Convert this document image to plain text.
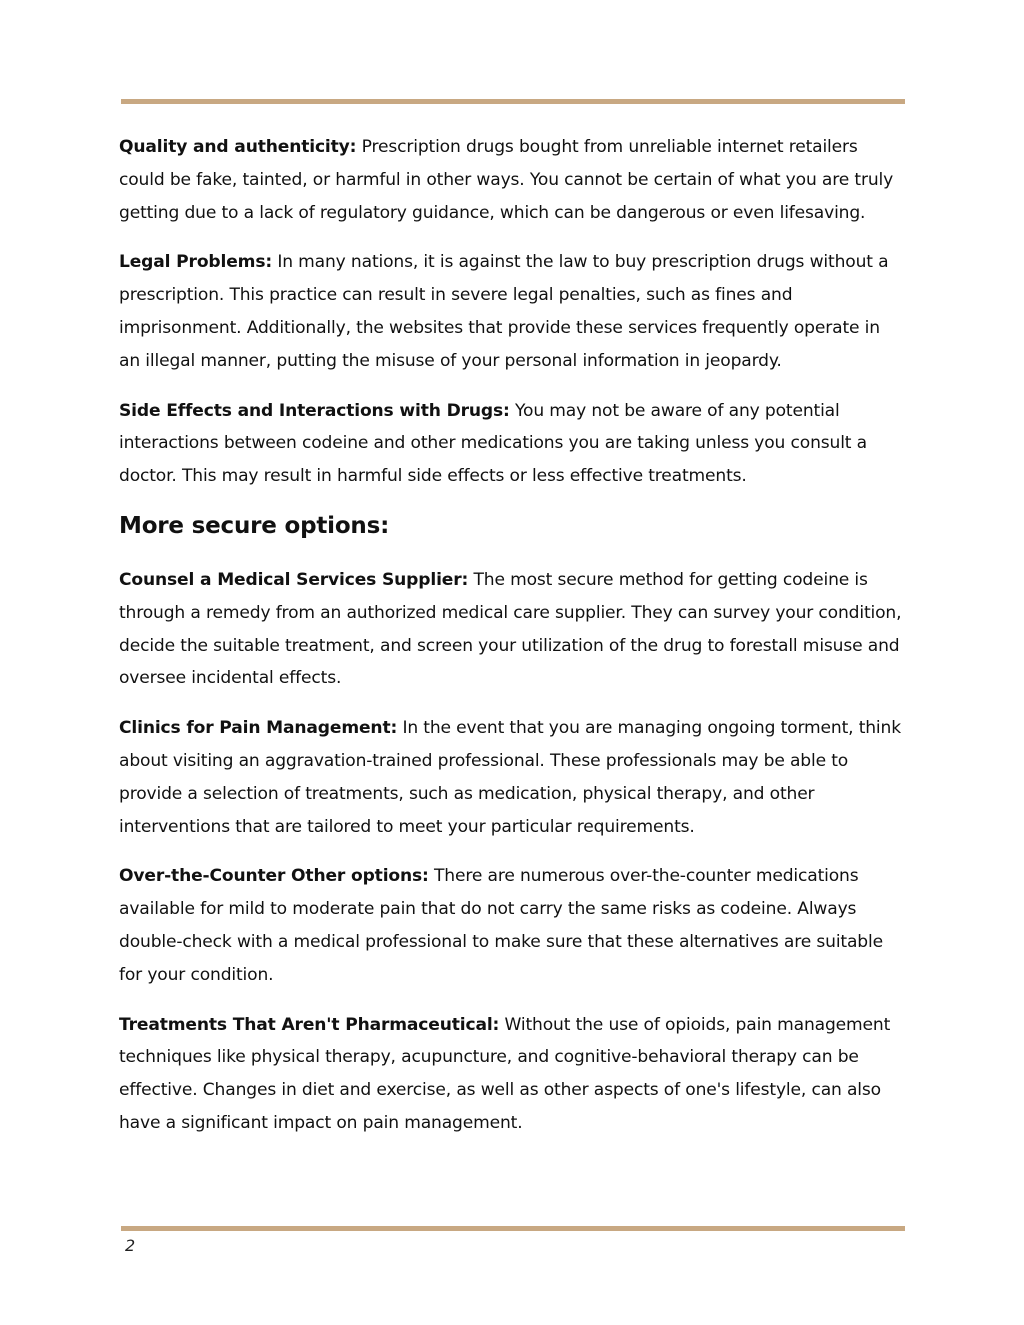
Quality and authenticity: Prescription drugs bought from unreliable internet retailers could be fake, tainted, or harmful in other ways. You cannot be certain of what you are truly getting due to a lack of regulatory guidance, which can be dangerous or even lifesaving.

Legal Problems: In many nations, it is against the law to buy prescription drugs without a prescription. This practice can result in severe legal penalties, such as fines and imprisonment. Additionally, the websites that provide these services frequently operate in an illegal manner, putting the misuse of your personal information in jeopardy.

Side Effects and Interactions with Drugs: You may not be aware of any potential interactions between codeine and other medications you are taking unless you consult a doctor. This may result in harmful side effects or less effective treatments.

More secure options:

Counsel a Medical Services Supplier: The most secure method for getting codeine is through a remedy from an authorized medical care supplier. They can survey your condition, decide the suitable treatment, and screen your utilization of the drug to forestall misuse and oversee incidental effects.

Clinics for Pain Management: In the event that you are managing ongoing torment, think about visiting an aggravation-trained professional. These professionals may be able to provide a selection of treatments, such as medication, physical therapy, and other interventions that are tailored to meet your particular requirements.

Over-the-Counter Other options: There are numerous over-the-counter medications available for mild to moderate pain that do not carry the same risks as codeine. Always double-check with a medical professional to make sure that these alternatives are suitable for your condition.

Treatments That Aren't Pharmaceutical: Without the use of opioids, pain management techniques like physical therapy, acupuncture, and cognitive-behavioral therapy can be effective. Changes in diet and exercise, as well as other aspects of one's lifestyle, can also have a significant impact on pain management.

2
